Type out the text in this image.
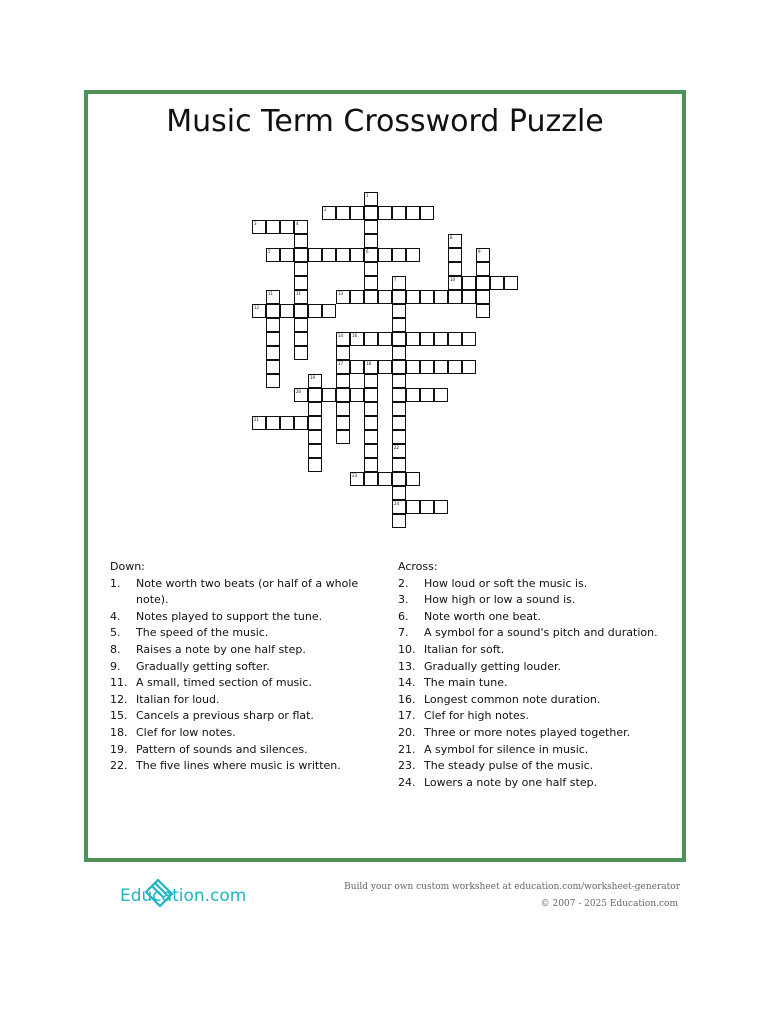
Music Term Crossword Puzzle
1
6
2
3	4
11
5
8
10
9
7
13
11
12
14
17
16
18
19
20
21
22
24
23
Down:
1.	Note worth two beats (or half of a whole note).
4.	Notes played to support the tune.
5.	The speed of the music.
8.	Raises a note by one half step.
9.	Gradually getting softer.
11. A small, timed section of music.
12. Italian for loud.
15. Cancels a previous sharp or flat.
18. Clef for low notes.
19. Pattern of sounds and silences.
22. The five lines where music is written.
Across:
2.	How loud or soft the music is.
3.	How high or low a sound is.
6.	Note worth one beat.
7.	A symbol for a sound's pitch and duration.
10. Italian for soft.
13. Gradually getting louder.
14. The main tune.
16. Longest common note duration.
17. Clef for high notes.
20. Three or more notes played together.
21. A symbol for silence in music.
23. The steady pulse of the music.
24. Lowers a note by one half step.
Education.com	Build your own custom worksheet at education.com/worksheet-generator
© 2007 - 2025 Education.com
